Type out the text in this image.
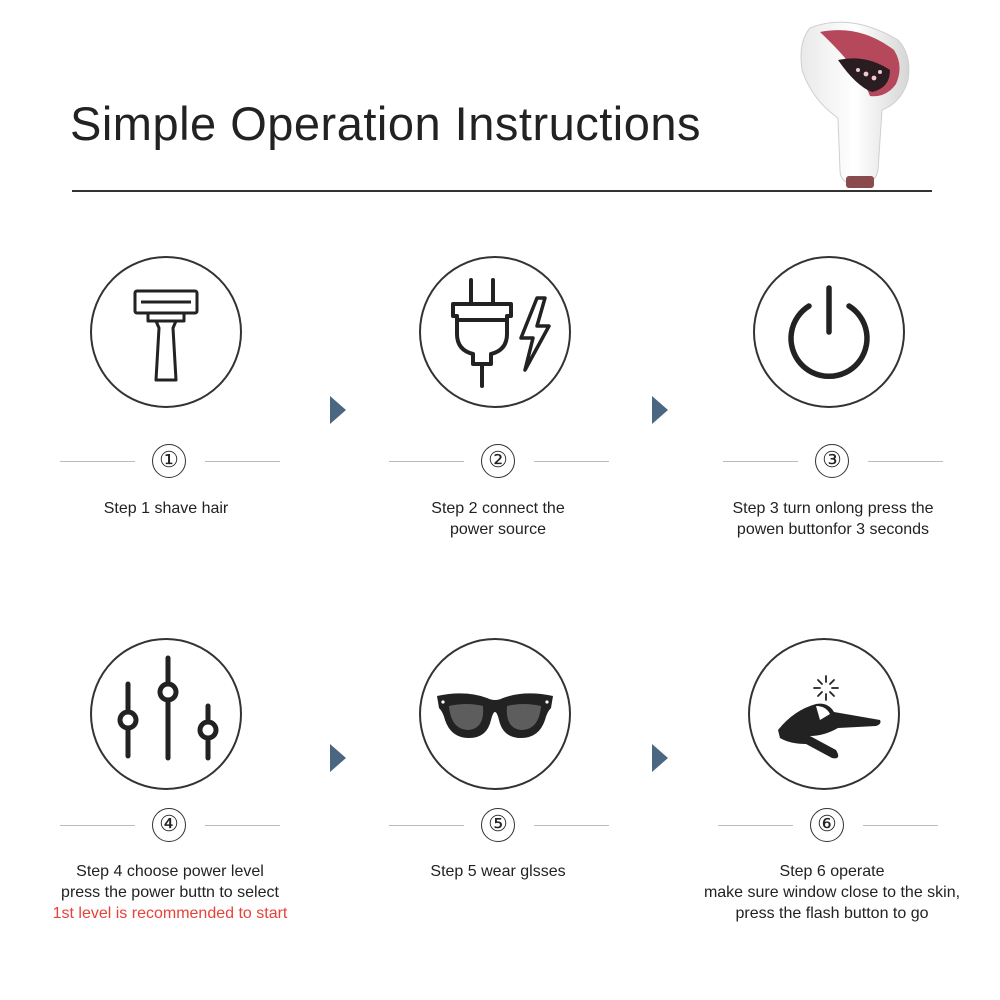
Simple Operation Instructions
①
Step 1 shave hair
②
Step 2 connect the
power source
③
Step 3 turn onlong press the
powen buttonfor 3 seconds
④
Step 4 choose power level
press the power buttn to select
1st level is recommended to start
⑤
Step 5 wear glsses
⑥
Step 6 operate
make sure window close to the skin,
press the flash button to go
